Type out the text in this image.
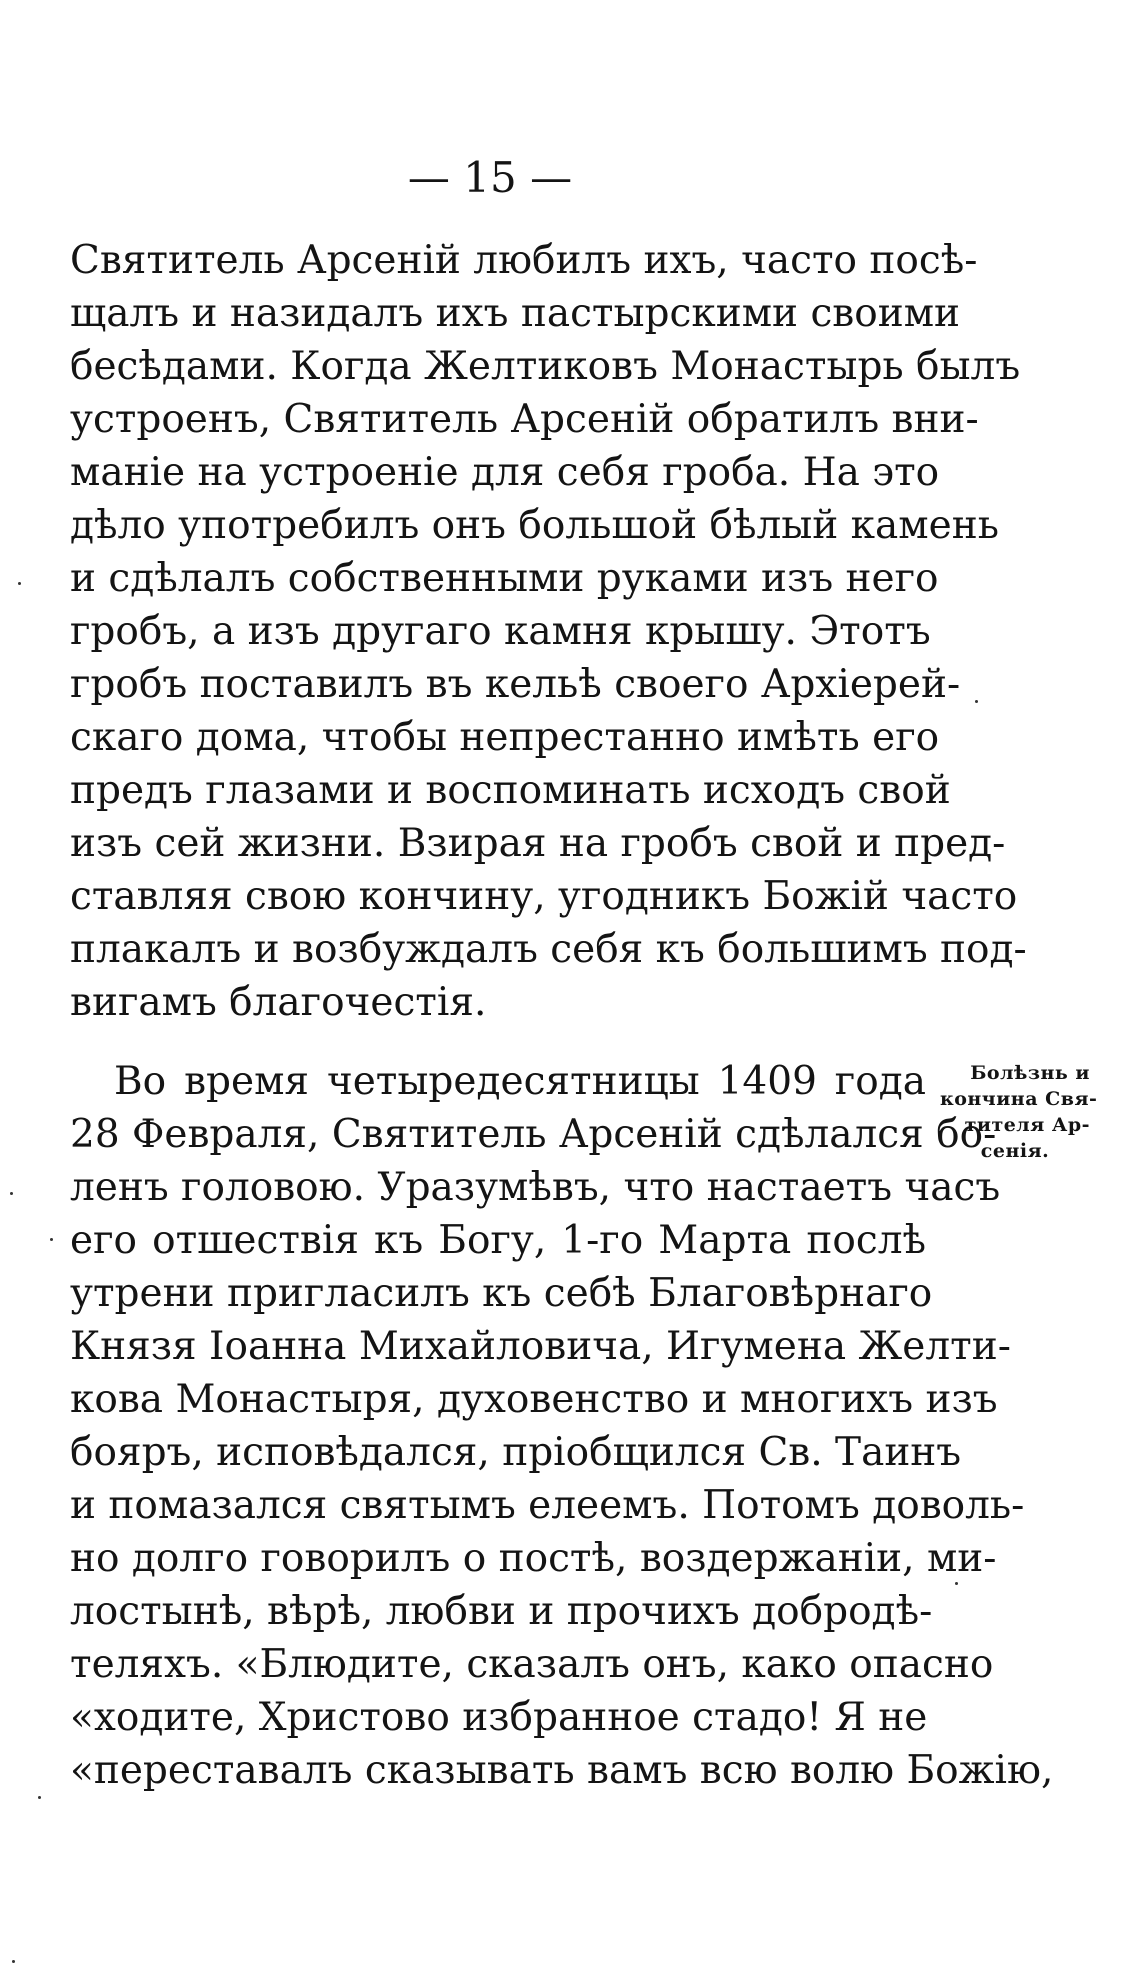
— 15 —
Святитель Арсенiй любилъ ихъ, часто посѣ-
щалъ и назидалъ ихъ пастырскими своими
бесѣдами. Когда Желтиковъ Монастырь былъ
устроенъ, Святитель Арсенiй обратилъ вни-
манiе на устроенiе для себя гроба. На это
дѣло употребилъ онъ большой бѣлый камень
и сдѣлалъ собственными руками изъ него
гробъ, а изъ другаго камня крышу. Этотъ
гробъ поставилъ въ кельѣ своего Архiерей-
скаго дома, чтобы непрестанно имѣть его
предъ глазами и воспоминать исходъ свой
изъ сей жизни. Взирая на гробъ свой и пред-
ставляя свою кончину, угодникъ Божiй часто
плакалъ и возбуждалъ себя къ большимъ под-
вигамъ благочестiя.
Во время четыредесятницы 1409 года
28 Февраля, Святитель Арсенiй сдѣлался бо-
ленъ головою. Уразумѣвъ, что настаетъ часъ
его отшествiя къ Богу, 1-го Марта послѣ
утрени пригласилъ къ себѣ Благовѣрнаго
Князя Iоанна Михайловича, Игумена Желти-
кова Монастыря, духовенство и многихъ изъ
бояръ, исповѣдался, прiобщился Св. Таинъ
и помазался святымъ елеемъ. Потомъ доволь-
но долго говорилъ о постѣ, воздержанiи, ми-
лостынѣ, вѣрѣ, любви и прочихъ добродѣ-
теляхъ. «Блюдите, сказалъ онъ, како опасно
«ходите, Христово избранное стадо! Я не
«переставалъ сказывать вамъ всю волю Божiю,
Болѣзнь и
кончина Свя-
тителя Ар-
сенiя.
